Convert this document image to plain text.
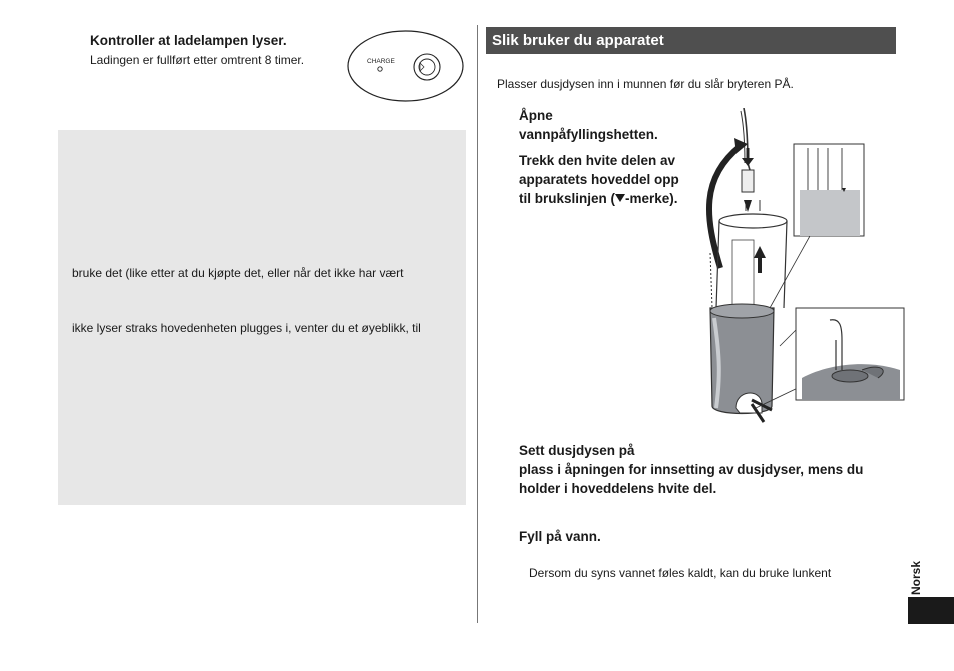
Kontroller at ladelampen lyser.
Ladingen er fullført etter omtrent 8 timer.	CHARGE
bruke det (like etter at du kjøpte det, eller når det ikke har vært
ikke lyser straks hovedenheten plugges i, venter du et øyeblikk, til
Slik bruker du apparatet
Plasser dusjdysen inn i munnen før du slår bryteren PÅ.
Åpne vannpåfyllingshetten.
Trekk den hvite delen av apparatets hoveddel opp til brukslinjen ( -merke).
Sett dusjdysen på
plass i åpningen for innsetting av dusjdyser, mens du holder i hoveddelens hvite del.
Fyll på vann.
Dersom du syns vannet føles kaldt, kan du bruke lunkent	Norsk
